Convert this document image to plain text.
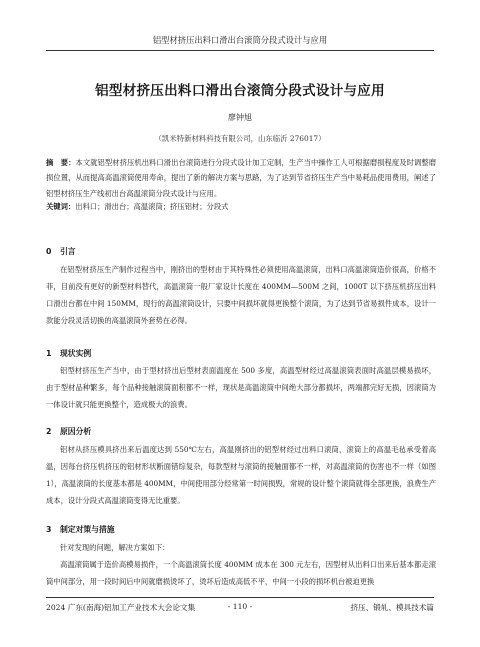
铝型材挤压出料口滑出台滚筒分段式设计与应用
铝型材挤压出料口滑出台滚筒分段式设计与应用
廖钟旭
（凯米特新材料科技有限公司，山东临沂 276017）
摘　要：本文就铝型材挤压机出料口滑出台滚筒进行分段式设计加工定制，生产当中操作工人可根据磨损程度及时调整磨损位置，从而提高高温滚筒使用寿命，提出了新的解决方案与思路，为了达到节省挤压生产当中易耗品使用费用，阐述了铝型材挤压生产线初出台高温滚筒分段式设计与应用。
关键词：出料口；滑出台；高温滚筒；挤压铝材；分段式
0 引言

在铝型材挤压生产制作过程当中，刚挤出的型材由于其特殊性必须使用高温滚筒，出料口高温滚筒造价很高，价格不菲，目前没有更好的新型材料替代，高温滚筒一般厂家设计长度在 400MM—500M 之间，1000T 以下挤压机挤压出料口滑出台都在中间 150MM，现行的高温滚筒设计，只要中间损坏就得更换整个滚筒，为了达到节省易损件成本，设计一款能分段灵活切换的高温滚筒外套势在必得。

1 现状实例

铝型材挤压生产当中，由于型材挤出后型材表面温度在 500 多度，高温型材经过高温滚筒表面时高温层模易损坏，由于型材品种繁多，每个品种接触滚筒面积都不一样，现状是高温滚筒中间绝大部分都损坏，两端都完好无损，因滚筒为一体设计就只能更换整个，造成极大的浪费。

2 原因分析

铝材从挤压模具挤出来后温度达到 550℃左右，高温刚挤出的铝型材经过出料口滚筒，滚筒上的高温毛毡承受着高温，因每台挤压机挤压的铝材形状断面错综复杂，每款型材与滚筒的接触面都不一样，对高温滚筒的伤害也不一样（如图 1），高温滚筒的长度基本都是 400MM，中间使用部分经常第一时间损毁，常规的设计整个滚筒就得全部更换，浪费生产成本，设计分段式高温滚筒变得无比重要。

3 制定对策与措施

针对发现的问题，解决方案如下：

高温滚筒属于造价高模易损件，一个高温滚筒长度 400MM 成本在 300 元左右，因型材从出料口出来后基本都走滚筒中间部分，用一段时间后中间就磨损烫坏了，烫坏后造成高低不平，中间一小段的损坏机台被迫更换

2024 广东(南海)铝加工产业技术大会论文集	- 110 -	挤压、锻轧、模具技术篇
